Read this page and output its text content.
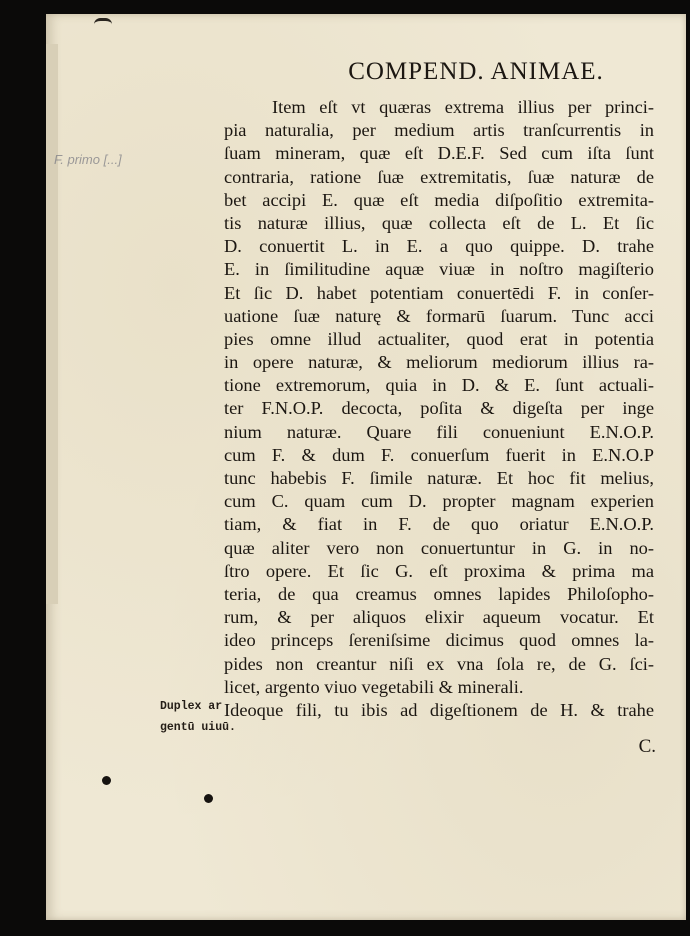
COMPEND. ANIMAE.
F. primo [...]
Item eſt vt quæras extrema illius per princi-
pia naturalia, per medium artis tranſcurrentis in
ſuam mineram, quæ eſt D.E.F. Sed cum iſta ſunt
contraria, ratione ſuæ extremitatis, ſuæ naturæ de
bet accipi E. quæ eſt media diſpoſitio extremita-
tis naturæ illius, quæ collecta eſt de L. Et ſic
D. conuertit L. in E. a quo quippe. D. trahe
E. in ſimilitudine aquæ viuæ in noſtro magiſterio
Et ſic D. habet potentiam conuertēdi F. in conſer-
uatione ſuæ naturę & formarū ſuarum. Tunc acci
pies omne illud actualiter, quod erat in potentia
in opere naturæ, & meliorum mediorum illius ra-
tione extremorum, quia in D. & E. ſunt actuali-
ter F.N.O.P. decocta, poſita & digeſta per inge
nium naturæ. Quare fili conueniunt E.N.O.P.
cum F. & dum F. conuerſum fuerit in E.N.O.P
tunc habebis F. ſimile naturæ. Et hoc fit melius,
cum C. quam cum D. propter magnam experien
tiam, & fiat in F. de quo oriatur E.N.O.P.
quæ aliter vero non conuertuntur in G. in no-
ſtro opere. Et ſic G. eſt proxima & prima ma
teria, de qua creamus omnes lapides Philoſopho-
rum, & per aliquos elixir aqueum vocatur. Et
ideo princeps ſereniſsime dicimus quod omnes la-
pides non creantur niſi ex vna ſola re, de G. ſci-
licet, argento viuo vegetabili & minerali.
Ideoque fili, tu ibis ad digeſtionem de H. & trahe
Duplex ar
gentū uiuū.
C.
